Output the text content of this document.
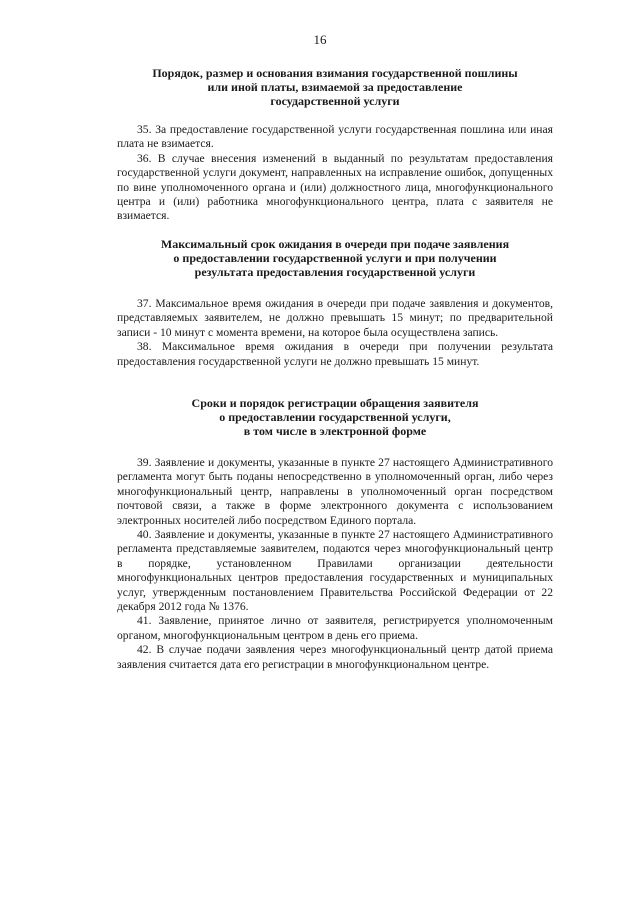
16

Порядок, размер и основания взимания государственной пошлины

или иной платы, взимаемой за предоставление

государственной услуги

35. За предоставление государственной услуги государственная пошлина или иная плата не взимается.

36. В случае внесения изменений в выданный по результатам предоставления государственной услуги документ, направленных на исправление ошибок, допущенных по вине уполномоченного органа и (или) должностного лица, многофункционального центра и (или) работника многофункционального центра, плата с заявителя не взимается.

Максимальный срок ожидания в очереди при подаче заявления

о предоставлении государственной услуги и при получении

результата предоставления государственной услуги

37. Максимальное время ожидания в очереди при подаче заявления и документов, представляемых заявителем, не должно превышать 15 минут; по предварительной записи - 10 минут с момента времени, на которое была осуществлена запись.

38. Максимальное время ожидания в очереди при получении результата предоставления государственной услуги не должно превышать 15 минут.

Сроки и порядок регистрации обращения заявителя

о предоставлении государственной услуги,

в том числе в электронной форме

39. Заявление и документы, указанные в пункте 27 настоящего Административного регламента могут быть поданы непосредственно в уполномоченный орган, либо через многофункциональный центр, направлены в уполномоченный орган посредством почтовой связи, а также в форме электронного документа с использованием электронных носителей либо посредством Единого портала.

40. Заявление и документы, указанные в пункте 27 настоящего Административного регламента представляемые заявителем, подаются через многофункциональный центр в порядке, установленном Правилами организации деятельности многофункциональных центров предоставления государственных и муниципальных услуг, утвержденным постановлением Правительства Российской Федерации от 22 декабря 2012 года № 1376.

41. Заявление, принятое лично от заявителя, регистрируется уполномоченным органом, многофункциональным центром в день его приема.

42. В случае подачи заявления через многофункциональный центр датой приема заявления считается дата его регистрации в многофункциональном центре.
